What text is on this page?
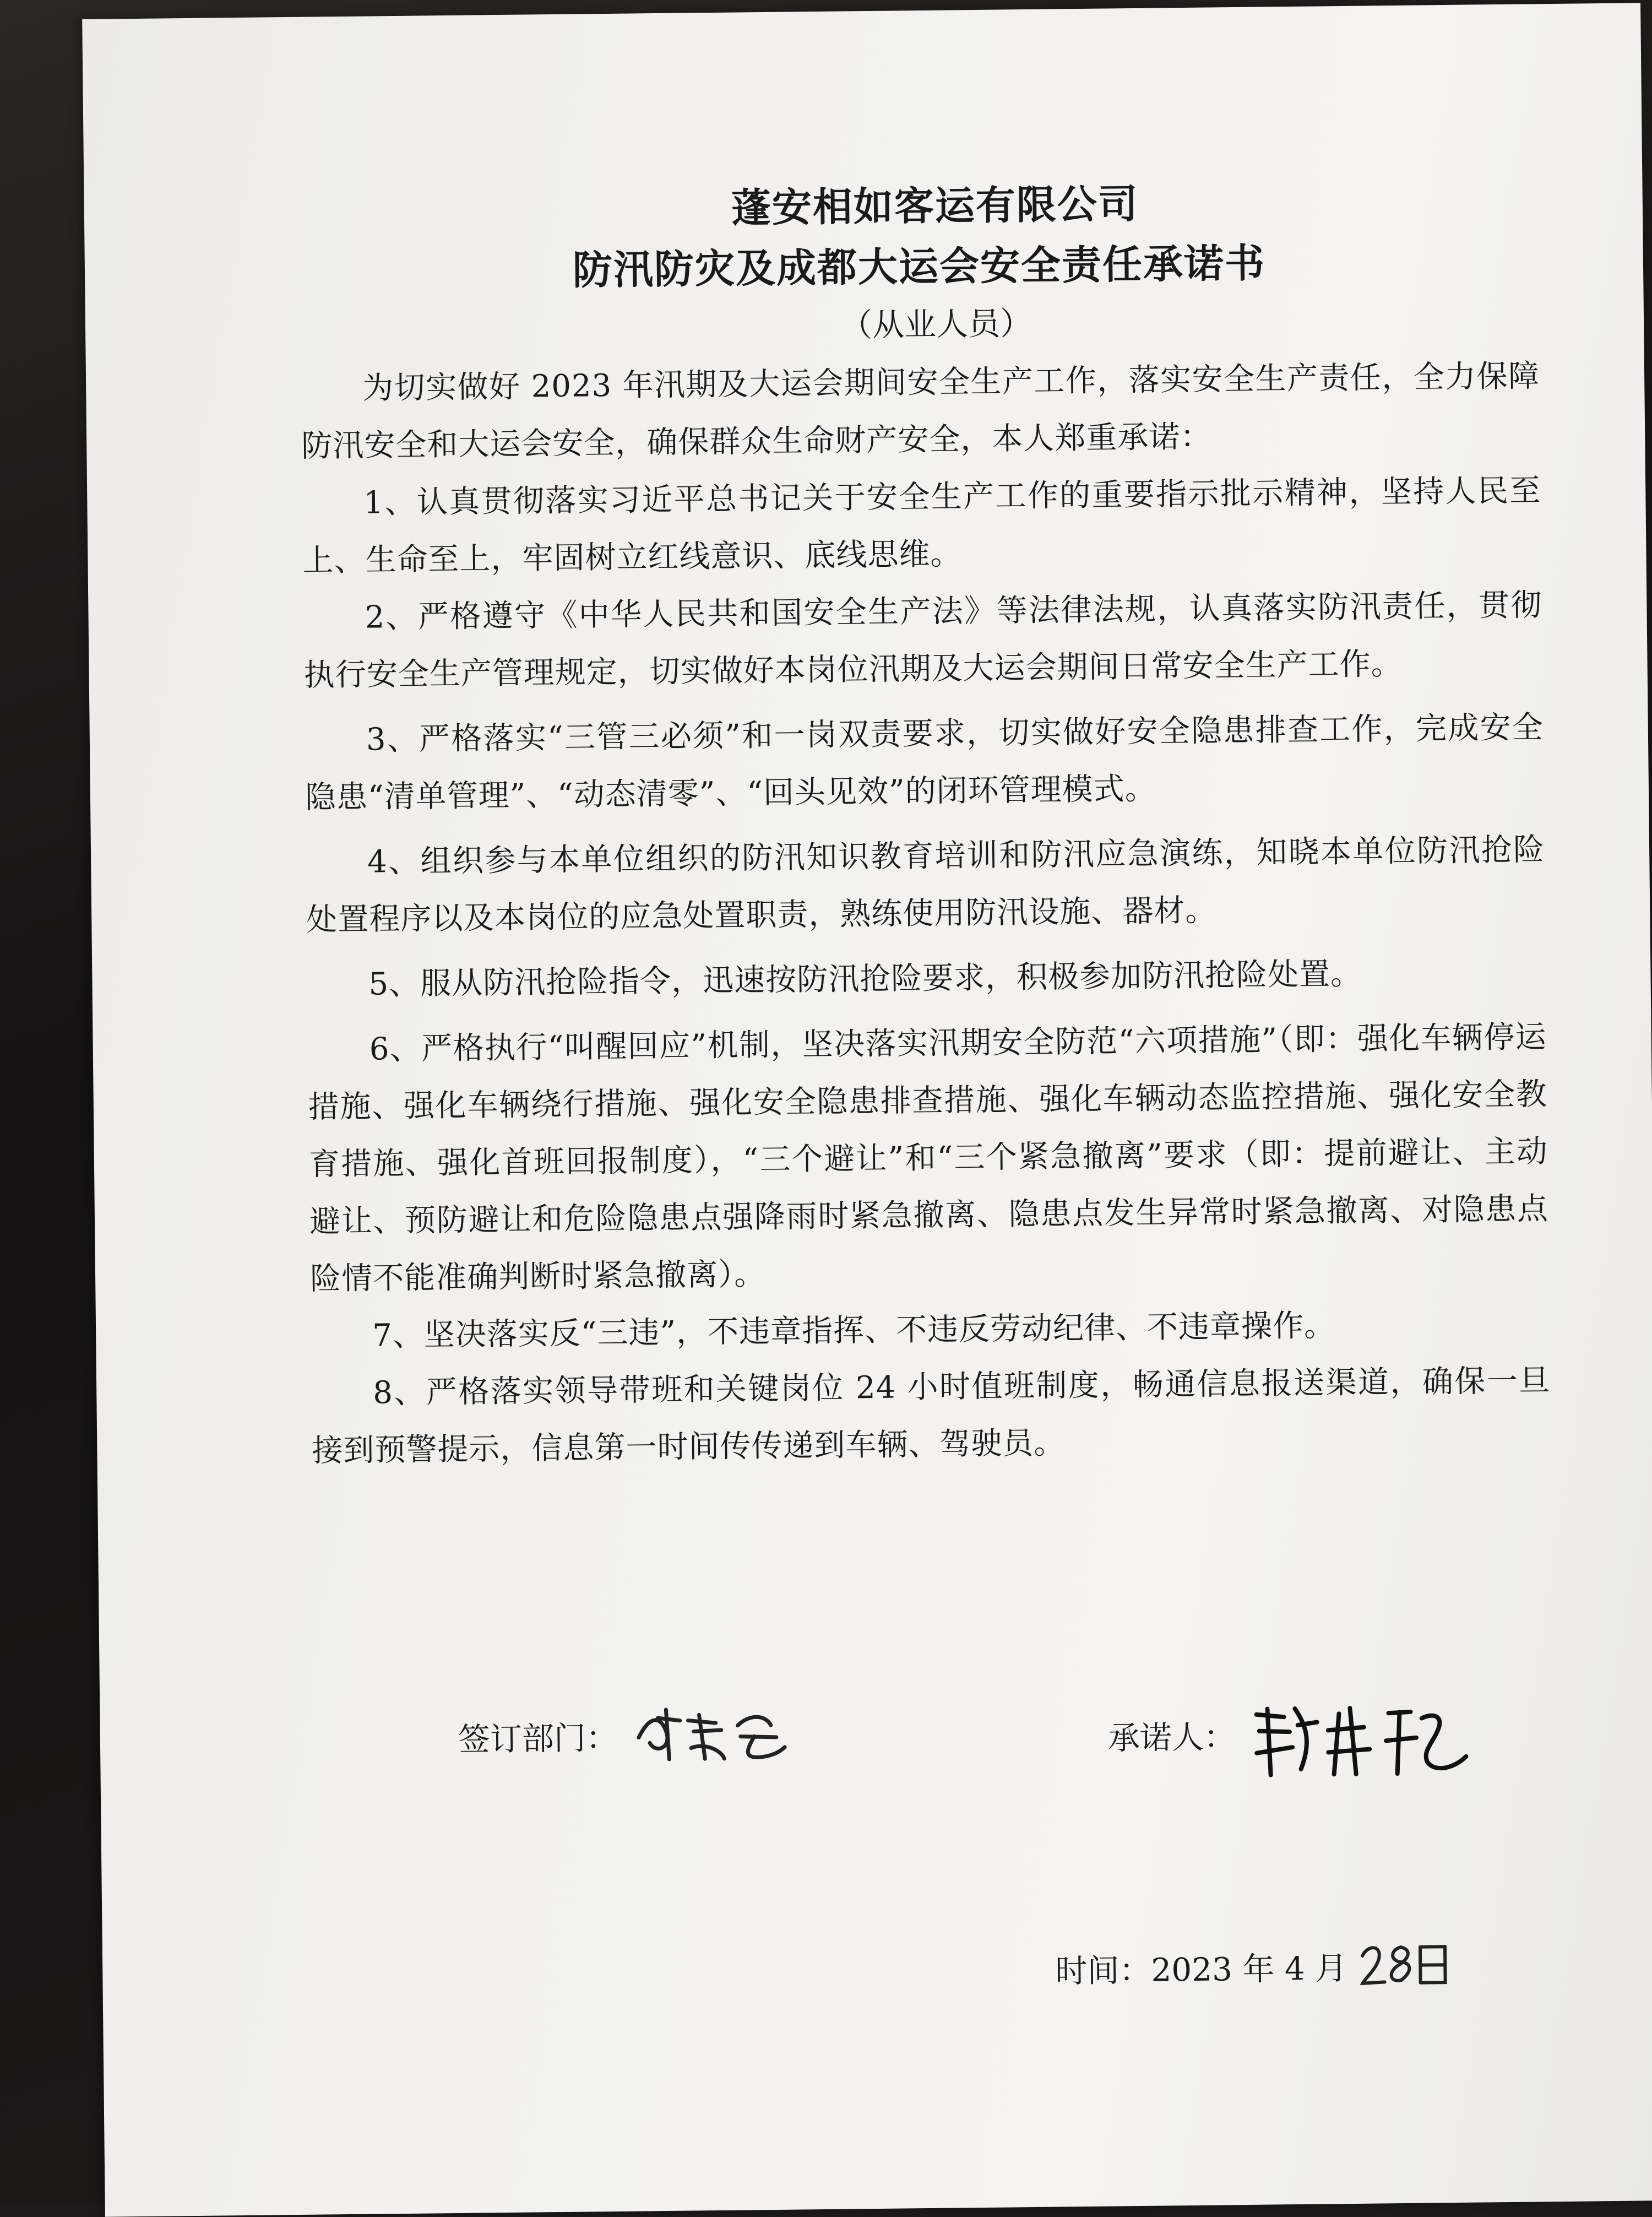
蓬安相如客运有限公司
防汛防灾及成都大运会安全责任承诺书
（从业人员）

为切实做好 2023 年汛期及大运会期间安全生产工作，落实安全生产责任，全力保障防汛安全和大运会安全，确保群众生命财产安全，本人郑重承诺：

1、认真贯彻落实习近平总书记关于安全生产工作的重要指示批示精神，坚持人民至上、生命至上，牢固树立红线意识、底线思维。

2、严格遵守《中华人民共和国安全生产法》等法律法规，认真落实防汛责任，贯彻执行安全生产管理规定，切实做好本岗位汛期及大运会期间日常安全生产工作。

3、严格落实“三管三必须”和一岗双责要求，切实做好安全隐患排查工作，完成安全隐患“清单管理”、“动态清零”、“回头见效”的闭环管理模式。

4、组织参与本单位组织的防汛知识教育培训和防汛应急演练，知晓本单位防汛抢险处置程序以及本岗位的应急处置职责，熟练使用防汛设施、器材。

5、服从防汛抢险指令，迅速按防汛抢险要求，积极参加防汛抢险处置。

6、严格执行“叫醒回应”机制，坚决落实汛期安全防范“六项措施”（即：强化车辆停运措施、强化车辆绕行措施、强化安全隐患排查措施、强化车辆动态监控措施、强化安全教育措施、强化首班回报制度），“三个避让”和“三个紧急撤离”要求（即：提前避让、主动避让、预防避让和危险隐患点强降雨时紧急撤离、隐患点发生异常时紧急撤离、对隐患点险情不能准确判断时紧急撤离）。

7、坚决落实反“三违”，不违章指挥、不违反劳动纪律、不违章操作。

8、严格落实领导带班和关键岗位 24 小时值班制度，畅通信息报送渠道，确保一旦接到预警提示，信息第一时间传传递到车辆、驾驶员。

签订部门：	承诺人：
时间：2023 年 4 月
